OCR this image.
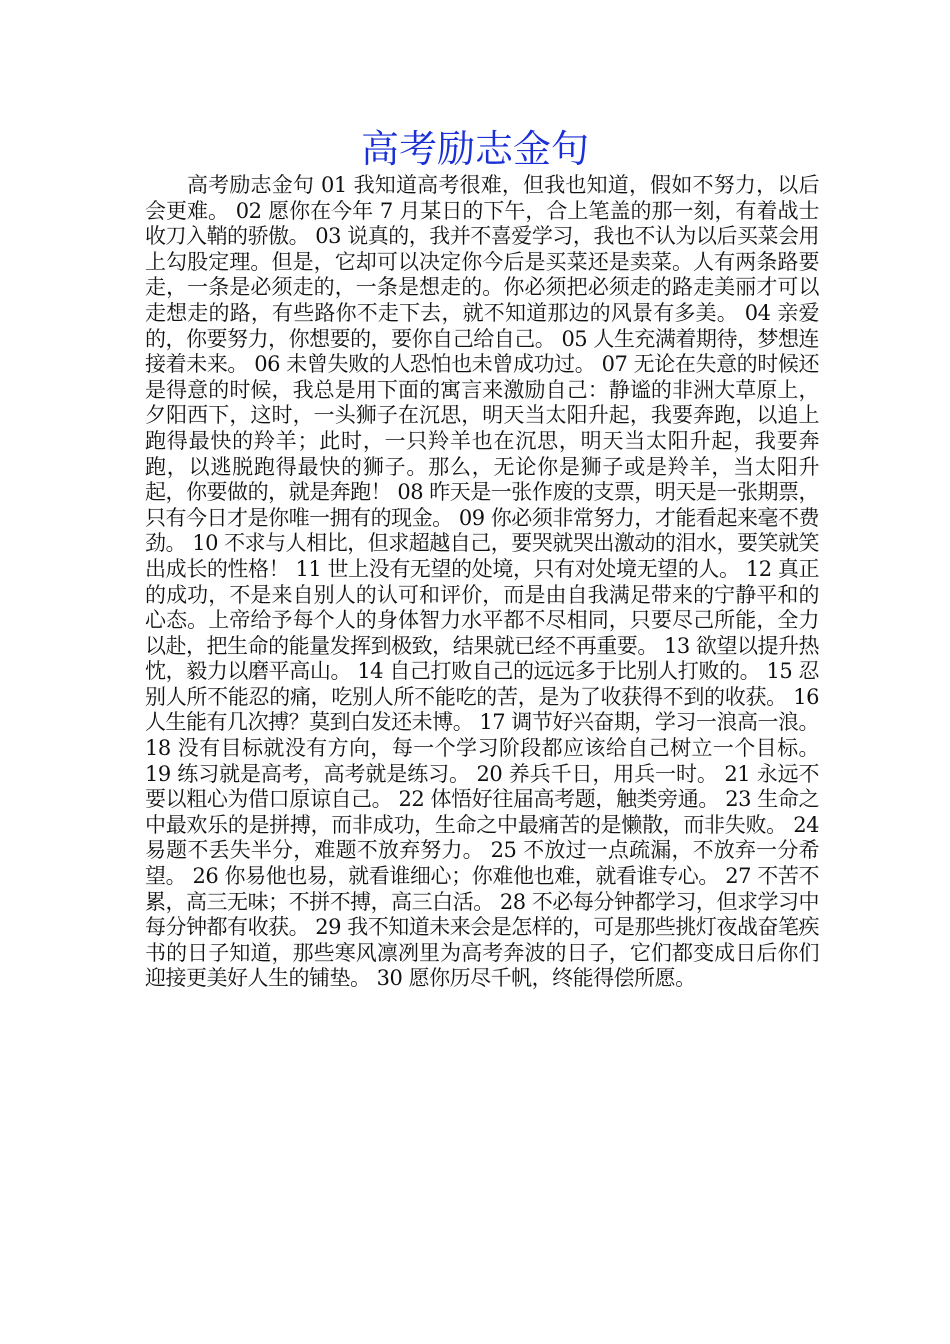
高考励志金句

高考励志金句 01 我知道高考很难，但我也知道，假如不努力，以后会更难。 02 愿你在今年 7 月某日的下午，合上笔盖的那一刻，有着战士收刀入鞘的骄傲。 03 说真的，我并不喜爱学习，我也不认为以后买菜会用上勾股定理。但是，它却可以决定你今后是买菜还是卖菜。人有两条路要走，一条是必须走的，一条是想走的。你必须把必须走的路走美丽才可以走想走的路，有些路你不走下去，就不知道那边的风景有多美。 04 亲爱的，你要努力，你想要的，要你自己给自己。 05 人生充满着期待，梦想连接着未来。 06 未曾失败的人恐怕也未曾成功过。 07 无论在失意的时候还是得意的时候，我总是用下面的寓言来激励自己：静谧的非洲大草原上，夕阳西下，这时，一头狮子在沉思，明天当太阳升起，我要奔跑，以追上跑得最快的羚羊；此时，一只羚羊也在沉思，明天当太阳升起，我要奔跑，以逃脱跑得最快的狮子。那么，无论你是狮子或是羚羊，当太阳升起，你要做的，就是奔跑！ 08 昨天是一张作废的支票，明天是一张期票，只有今日才是你唯一拥有的现金。 09 你必须非常努力，才能看起来毫不费劲。 10 不求与人相比，但求超越自己，要哭就哭出激动的泪水，要笑就笑出成长的性格！ 11 世上没有无望的处境，只有对处境无望的人。 12 真正的成功，不是来自别人的认可和评价，而是由自我满足带来的宁静平和的心态。上帝给予每个人的身体智力水平都不尽相同，只要尽己所能，全力以赴，把生命的能量发挥到极致，结果就已经不再重要。 13 欲望以提升热忱，毅力以磨平高山。 14 自己打败自己的远远多于比别人打败的。 15 忍别人所不能忍的痛，吃别人所不能吃的苦，是为了收获得不到的收获。 16 人生能有几次搏？莫到白发还未博。 17 调节好兴奋期，学习一浪高一浪。 18 没有目标就没有方向，每一个学习阶段都应该给自己树立一个目标。 19 练习就是高考，高考就是练习。 20 养兵千日，用兵一时。 21 永远不要以粗心为借口原谅自己。 22 体悟好往届高考题，触类旁通。 23 生命之中最欢乐的是拼搏，而非成功，生命之中最痛苦的是懒散，而非失败。 24 易题不丢失半分，难题不放弃努力。 25 不放过一点疏漏，不放弃一分希望。 26 你易他也易，就看谁细心；你难他也难，就看谁专心。 27 不苦不累，高三无味；不拼不搏，高三白活。 28 不必每分钟都学习，但求学习中每分钟都有收获。 29 我不知道未来会是怎样的，可是那些挑灯夜战奋笔疾书的日子知道，那些寒风凛冽里为高考奔波的日子，它们都变成日后你们迎接更美好人生的铺垫。 30 愿你历尽千帆，终能得偿所愿。
